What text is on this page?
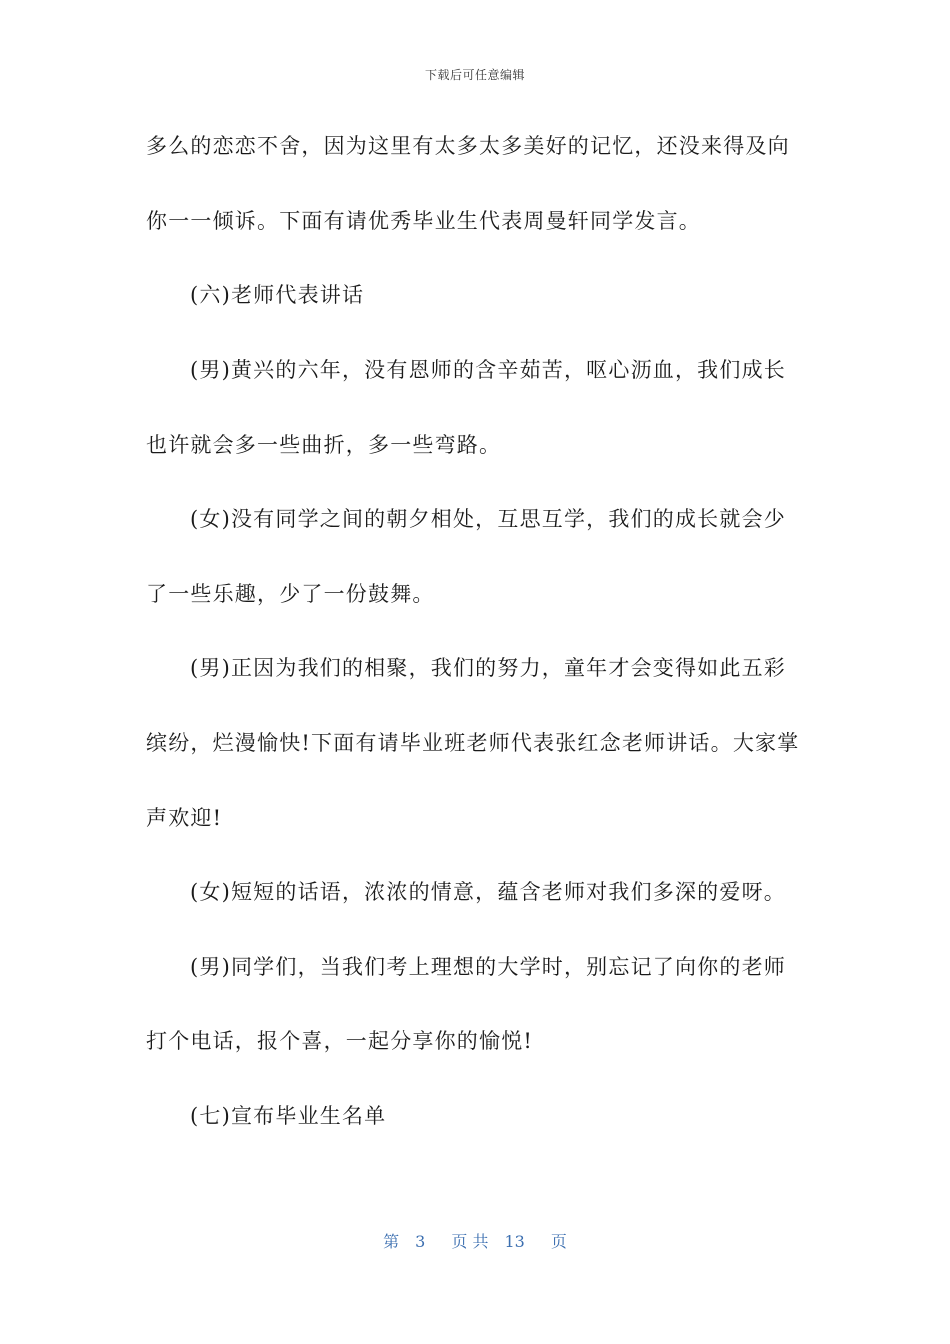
下载后可任意编辑
多么的恋恋不舍，因为这里有太多太多美好的记忆，还没来得及向
你一一倾诉。下面有请优秀毕业生代表周曼轩同学发言。
(六)老师代表讲话
(男)黄兴的六年，没有恩师的含辛茹苦，呕心沥血，我们成长
也许就会多一些曲折，多一些弯路。
(女)没有同学之间的朝夕相处，互思互学，我们的成长就会少
了一些乐趣，少了一份鼓舞。
(男)正因为我们的相聚，我们的努力，童年才会变得如此五彩
缤纷，烂漫愉快!下面有请毕业班老师代表张红念老师讲话。大家掌
声欢迎!
(女)短短的话语，浓浓的情意，蕴含老师对我们多深的爱呀。
(男)同学们，当我们考上理想的大学时，别忘记了向你的老师
打个电话，报个喜，一起分享你的愉悦!
(七)宣布毕业生名单
第 3 页 共 13 页
